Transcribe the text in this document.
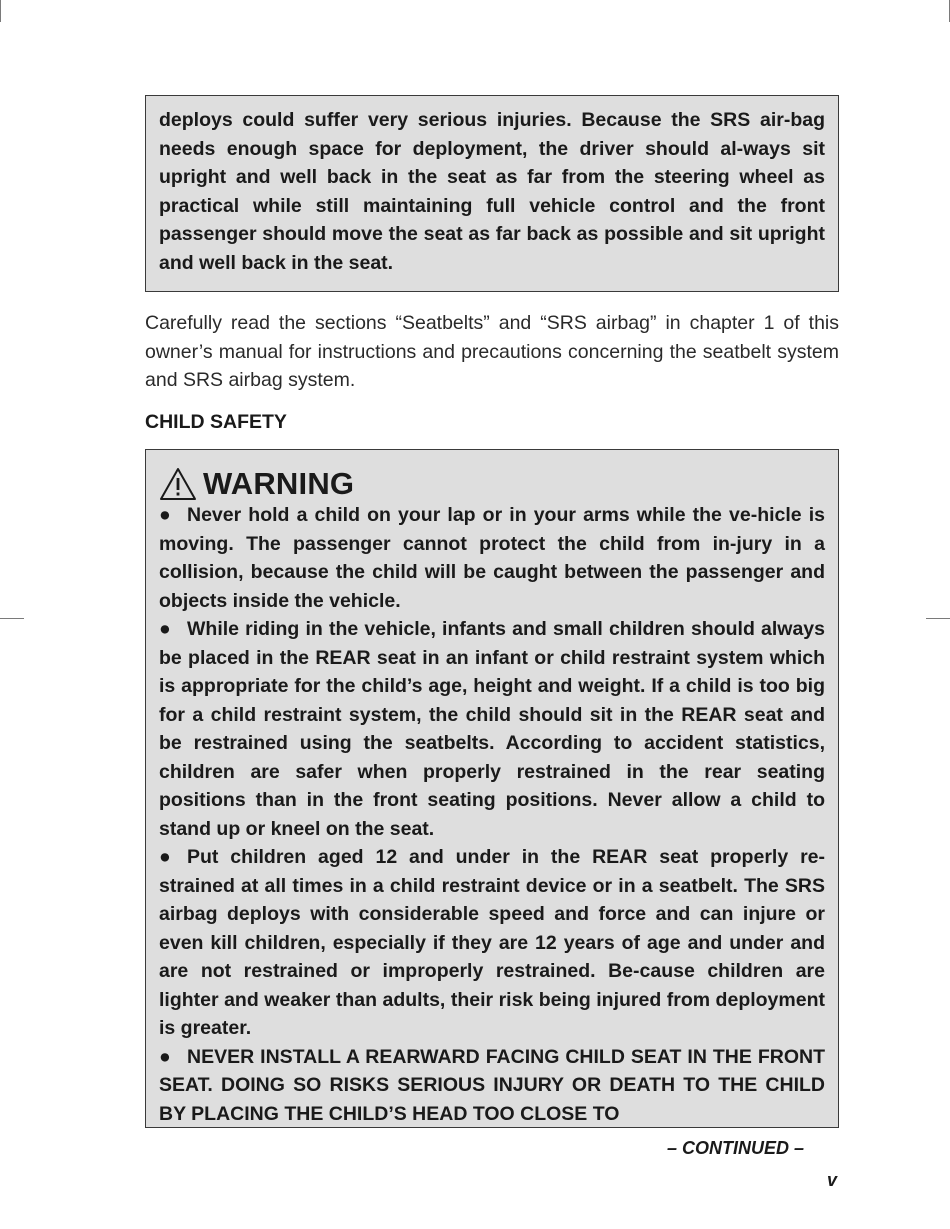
deploys could suffer very serious injuries. Because the SRS air-bag needs enough space for deployment, the driver should al-ways sit upright and well back in the seat as far from the steering wheel as practical while still maintaining full vehicle control and the front passenger should move the seat as far back as possible and sit upright and well back in the seat.

Carefully read the sections “Seatbelts” and “SRS airbag” in chapter 1 of this owner’s manual for instructions and precautions concerning the seatbelt system and SRS airbag system.

CHILD SAFETY

WARNING

● Never hold a child on your lap or in your arms while the ve-hicle is moving. The passenger cannot protect the child from in-jury in a collision, because the child will be caught between the passenger and objects inside the vehicle.

● While riding in the vehicle, infants and small children should always be placed in the REAR seat in an infant or child restraint system which is appropriate for the child’s age, height and weight. If a child is too big for a child restraint system, the child should sit in the REAR seat and be restrained using the seatbelts. According to accident statistics, children are safer when properly restrained in the rear seating positions than in the front seating positions. Never allow a child to stand up or kneel on the seat.

● Put children aged 12 and under in the REAR seat properly re-strained at all times in a child restraint device or in a seatbelt. The SRS airbag deploys with considerable speed and force and can injure or even kill children, especially if they are 12 years of age and under and are not restrained or improperly restrained. Be-cause children are lighter and weaker than adults, their risk being injured from deployment is greater.

● NEVER INSTALL A REARWARD FACING CHILD SEAT IN THE FRONT SEAT. DOING SO RISKS SERIOUS INJURY OR DEATH TO THE CHILD BY PLACING THE CHILD’S HEAD TOO CLOSE TO

– CONTINUED –
v
